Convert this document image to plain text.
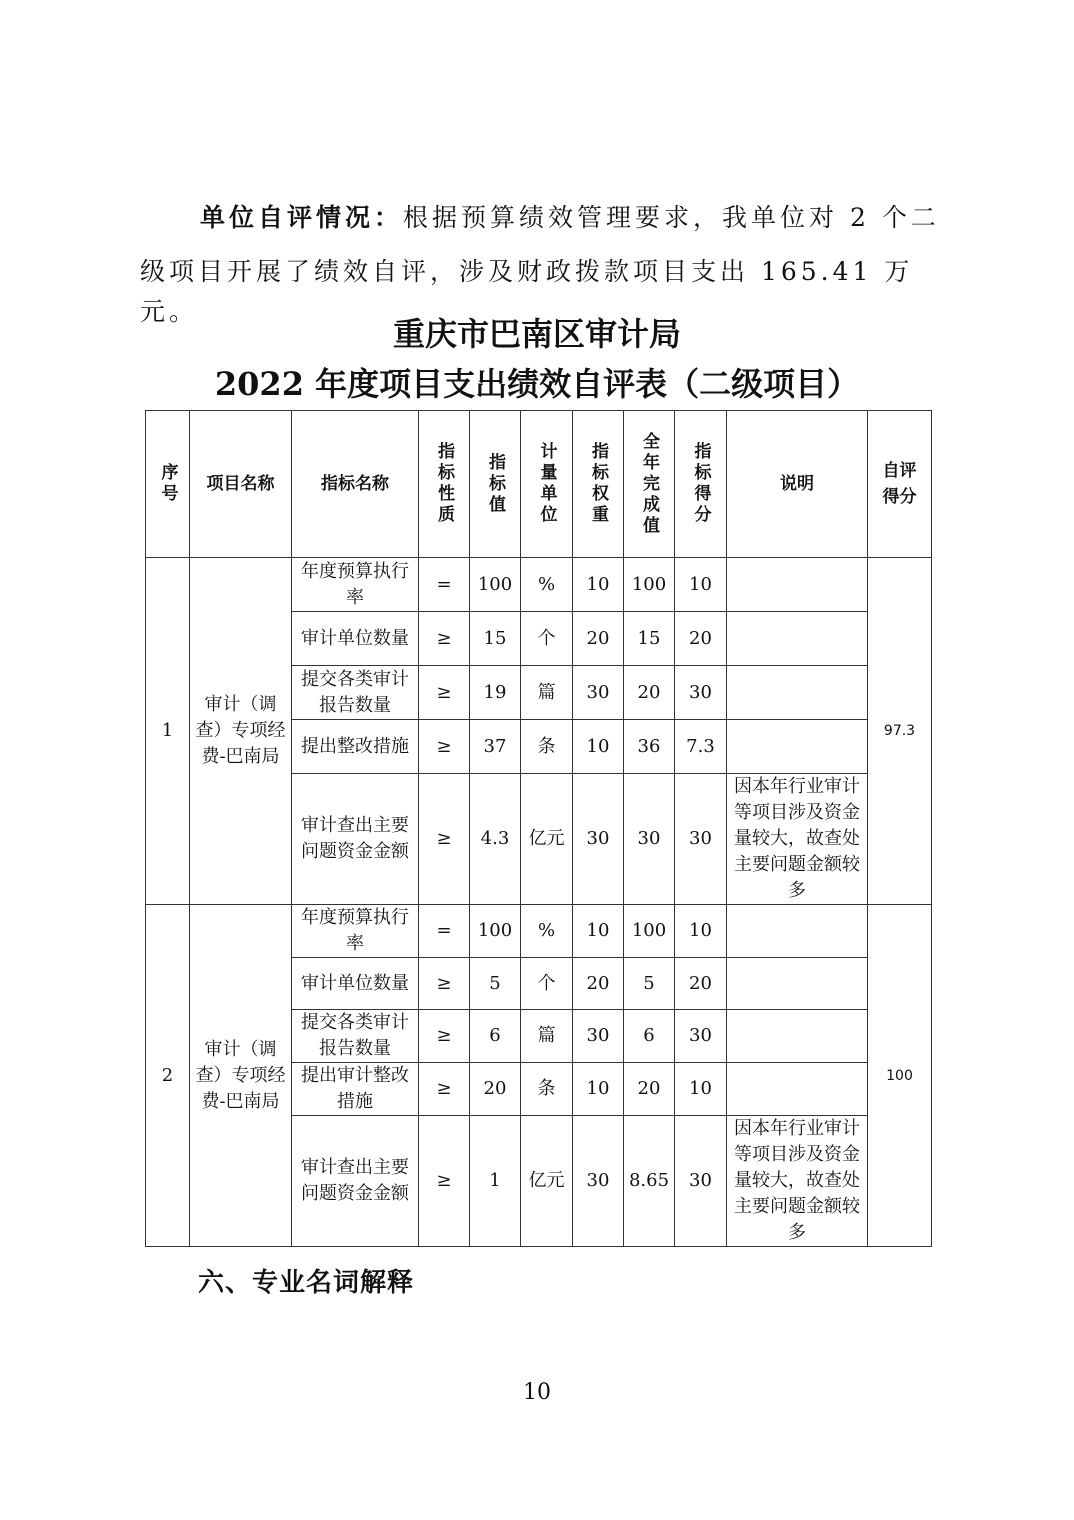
单位自评情况：根据预算绩效管理要求，我单位对 2 个二
级项目开展了绩效自评，涉及财政拨款项目支出 165.41 万元。
重庆市巴南区审计局
2022 年度项目支出绩效自评表（二级项目）
序号	项目名称	指标名称	指标性质	指标值	计量单位	指标权重	全年完成值	指标得分	说明	自评得分
1	审计（调查）专项经费-巴南局	年度预算执行率	=	100	%	10	100	10		97.3
		审计单位数量	≥	15	个	20	15	20		
		提交各类审计报告数量	≥	19	篇	30	20	30		
		提出整改措施	≥	37	条	10	36	7.3		
		审计查出主要问题资金金额	≥	4.3	亿元	30	30	30	因本年行业审计等项目涉及资金量较大，故查处主要问题金额较多	
2	审计（调查）专项经费-巴南局	年度预算执行率	=	100	%	10	100	10		100
		审计单位数量	≥	5	个	20	5	20		
		提交各类审计报告数量	≥	6	篇	30	6	30		
		提出审计整改措施	≥	20	条	10	20	10		
		审计查出主要问题资金金额	≥	1	亿元	30	8.65	30	因本年行业审计等项目涉及资金量较大，故查处主要问题金额较多	
六、专业名词解释
10
